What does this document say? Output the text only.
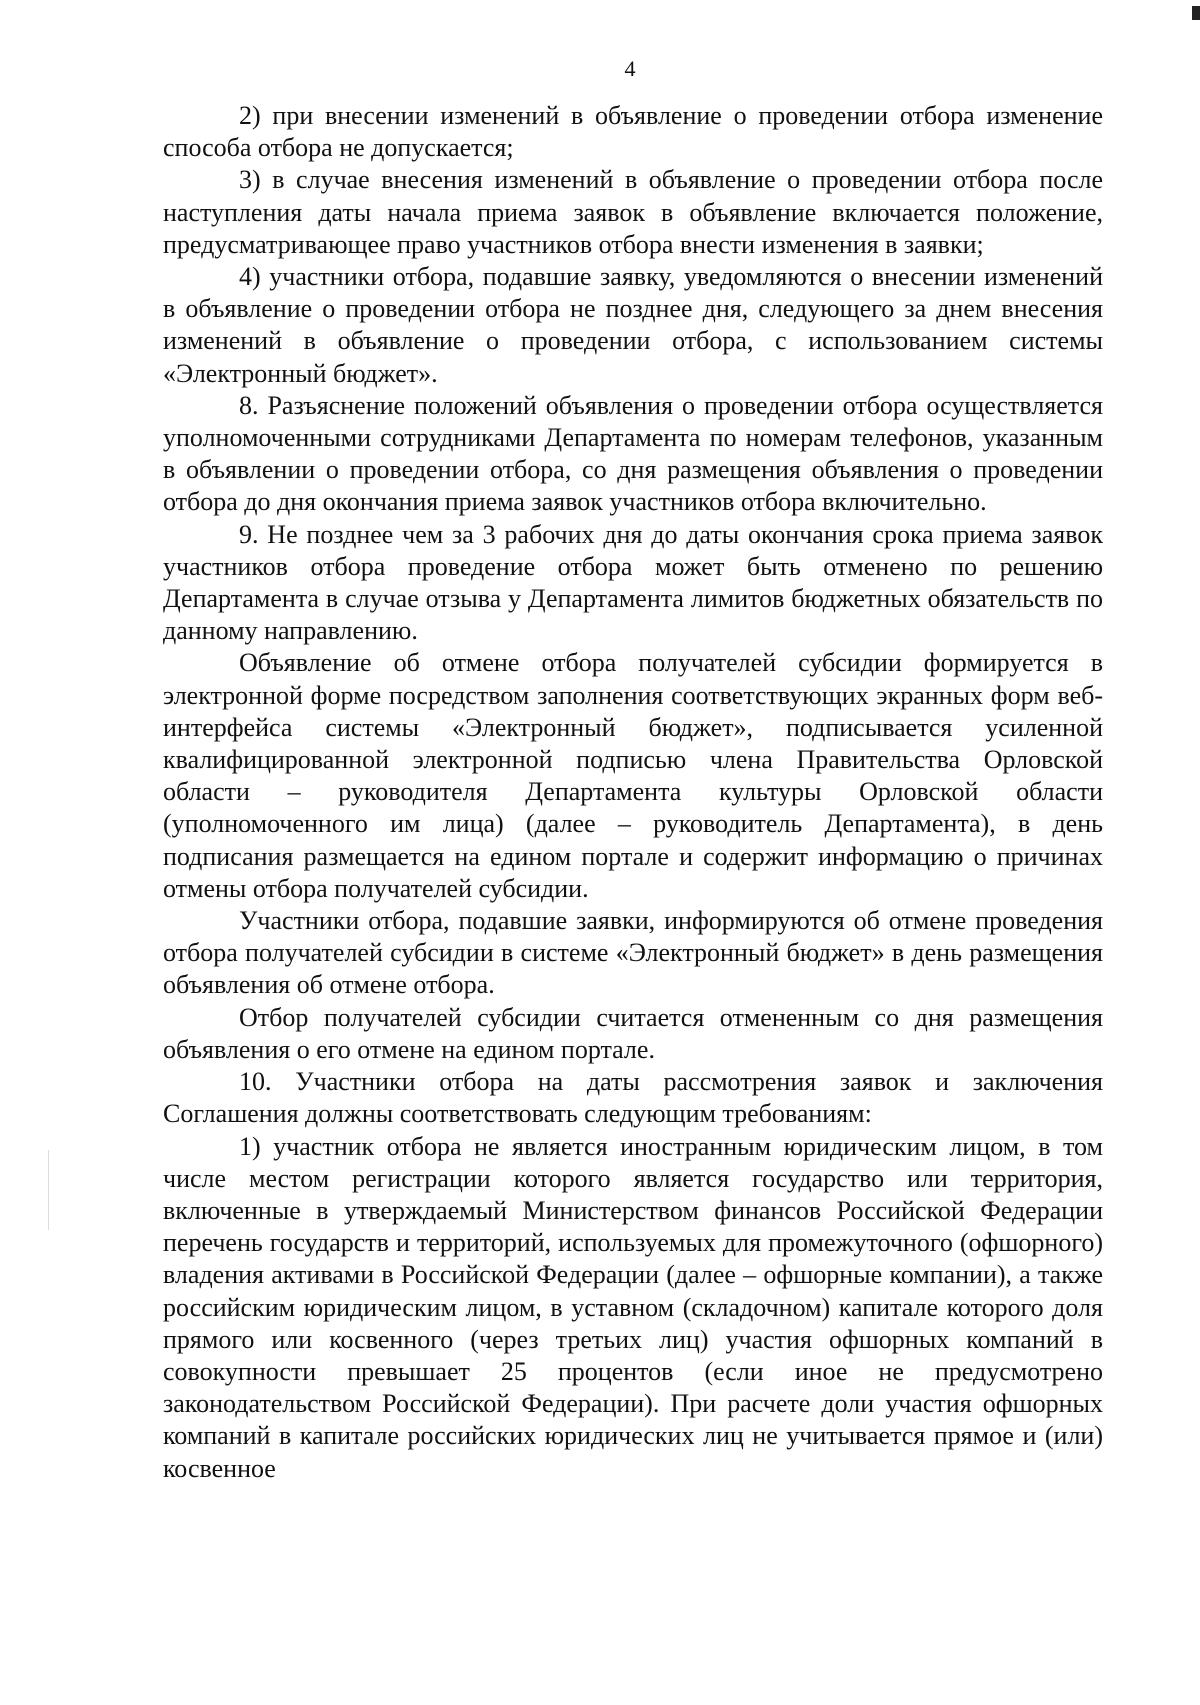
4

2) при внесении изменений в объявление о проведении отбора изменение способа отбора не допускается;

3) в случае внесения изменений в объявление о проведении отбора после наступления даты начала приема заявок в объявление включается положение, предусматривающее право участников отбора внести изменения в заявки;

4) участники отбора, подавшие заявку, уведомляются о внесении изменений в объявление о проведении отбора не позднее дня, следующего за днем внесения изменений в объявление о проведении отбора, с использованием системы «Электронный бюджет».

8. Разъяснение положений объявления о проведении отбора осуществляется уполномоченными сотрудниками Департамента по номерам телефонов, указанным в объявлении о проведении отбора, со дня размещения объявления о проведении отбора до дня окончания приема заявок участников отбора включительно.

9. Не позднее чем за 3 рабочих дня до даты окончания срока приема заявок участников отбора проведение отбора может быть отменено по решению Департамента в случае отзыва у Департамента лимитов бюджетных обязательств по данному направлению.

Объявление об отмене отбора получателей субсидии формируется в электронной форме посредством заполнения соответствующих экранных форм веб-интерфейса системы «Электронный бюджет», подписывается усиленной квалифицированной электронной подписью члена Правительства Орловской области – руководителя Департамента культуры Орловской области (уполномоченного им лица) (далее – руководитель Департамента), в день подписания размещается на едином портале и содержит информацию о причинах отмены отбора получателей субсидии.

Участники отбора, подавшие заявки, информируются об отмене проведения отбора получателей субсидии в системе «Электронный бюджет» в день размещения объявления об отмене отбора.

Отбор получателей субсидии считается отмененным со дня размещения объявления о его отмене на едином портале.

10. Участники отбора на даты рассмотрения заявок и заключения Соглашения должны соответствовать следующим требованиям:

1) участник отбора не является иностранным юридическим лицом, в том числе местом регистрации которого является государство или территория, включенные в утверждаемый Министерством финансов Российской Федерации перечень государств и территорий, используемых для промежуточного (офшорного) владения активами в Российской Федерации (далее – офшорные компании), а также российским юридическим лицом, в уставном (складочном) капитале которого доля прямого или косвенного (через третьих лиц) участия офшорных компаний в совокупности превышает 25 процентов (если иное не предусмотрено законодательством Российской Федерации). При расчете доли участия офшорных компаний в капитале российских юридических лиц не учитывается прямое и (или) косвенное
